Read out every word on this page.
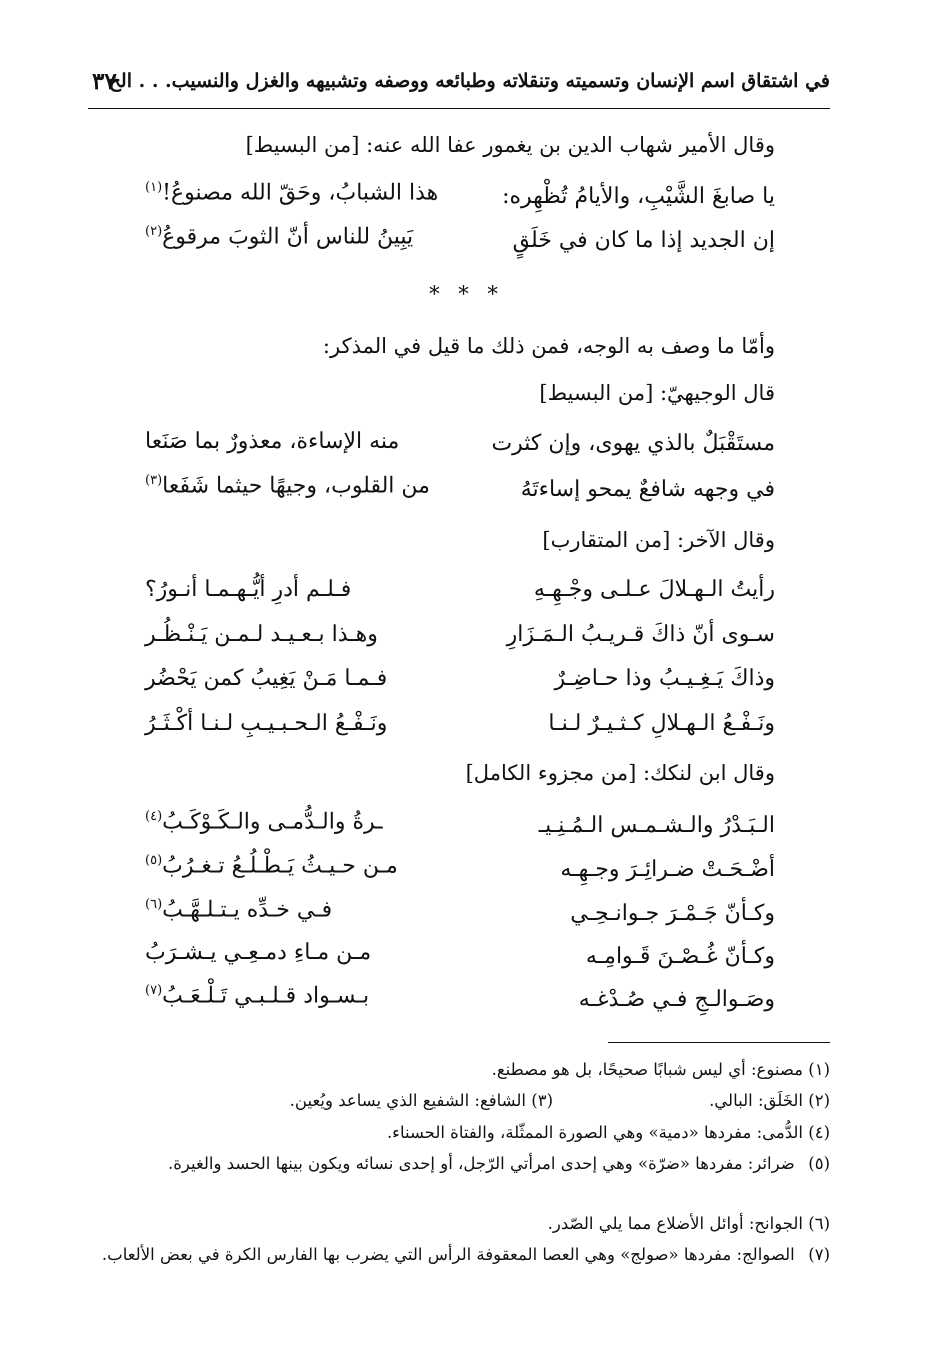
في اشتقاق اسم الإنسان وتسميته وتنقلاته وطبائعه ووصفه وتشبيهه والغزل والنسيب. . . الخ
٣٧
وقال الأمير شهاب الدين بن يغمور عفا الله عنه: [من البسيط]
يا صابغَ الشَّيْبِ، والأيامُ تُظْهِره:
هذا الشبابُ، وحَقّ الله مصنوعُ!$^{(١)}$
إن الجديد إذا ما كان في خَلَقٍ
يَبِينُ للناس أنّ الثوبَ مرقوعُ$^{(٢)}$
* * *
وأمّا ما وصف به الوجه، فمن ذلك ما قيل في المذكر:
قال الوجيهيّ: [من البسيط]
مستَقْبَلٌ بالذي يهوى، وإن كثرت
منه الإساءة، معذورٌ بما صَنَعا
في وجهه شافعٌ يمحو إساءتَهُ
من القلوب، وجيهًا حيثما شَفَعا$^{(٣)}$
وقال الآخر: [من المتقارب]
رأيتُ الـهـلالَ عـلـى وجْـهِـهِ
فـلـم أدرِ أيُّـهـمـا أنـورُ؟
سـوى أنّ ذاكَ قـريـبُ الـمَـزَارِ
وهـذا بـعـيـد لـمـن يَـنْـظُـر
وذاكَ يَـغِـيـبُ وذا حـاضِـرٌ
فـمـا مَـنْ يَغِيبُ كمن يَحْضُر
ونَـفْـعُ الـهـلالِ كـثـيـرٌ لـنـا
ونَـفْـعُ الـحـبـيـبِ لـنـا أكْـثَـرُ
وقال ابن لنكك: [من مجزوء الكامل]
الـبَـدْرُ والـشـمـس الـمُـنِـيـ
ـرةُ والـدُّمـى والـكَـوْكَـبُ$^{(٤)}$
أضْـحَـتْ ضـرائِـرَ وجـهِـه
مـن حـيـثُ يَـطْـلُـعُ تـغـرُبُ$^{(٥)}$
وكـأنّ جَـمْـرَ جـوانـحِـي
فـي خـدِّه يـتـلـهَّـبُ$^{(٦)}$
وكـأنّ غُـصْـنَ قَـوامِـه
مـن مـاءِ دمـعِـي يـشـرَبُ
وصَـوالـجِ فـي صُـدْغـه
بـسـواد قـلـبـي تَـلْـعَـبُ$^{(٧)}$
(١) مصنوع: أي ليس شبابًا صحيحًا، بل هو مصطنع.
(٢) الخَلَق: البالي.
(٣) الشافع: الشفيع الذي يساعد ويُعين.
(٤) الدُّمى: مفردها «دمية» وهي الصورة الممثّلة، والفتاة الحسناء.
(٥) ضرائر: مفردها «ضرّة» وهي إحدى امرأتي الرّجل، أو إحدى نسائه ويكون بينها الحسد والغيرة.
(٦) الجوانح: أوائل الأضلاع مما يلي الصّدر.
(٧) الصوالج: مفردها «صولج» وهي العصا المعقوفة الرأس التي يضرب بها الفارس الكرة في بعض الألعاب.
